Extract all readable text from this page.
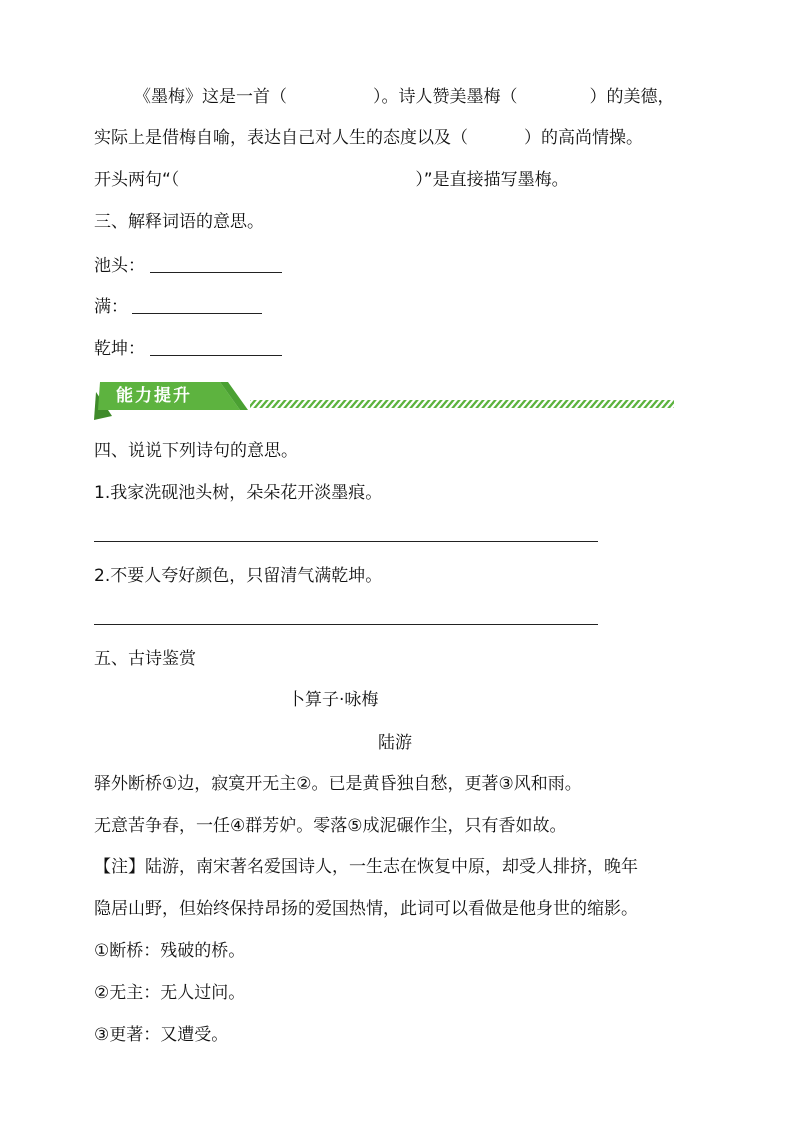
《墨梅》这是一首（	）。诗人赞美墨梅（	）的美德，
实际上是借梅自喻，表达自己对人生的态度以及（	）的高尚情操。
开头两句“（	）”是直接描写墨梅。
三、解释词语的意思。
池头：
满：
乾坤：
能力提升
四、说说下列诗句的意思。
1.我家洗砚池头树，朵朵花开淡墨痕。
2.不要人夸好颜色，只留清气满乾坤。
五、古诗鉴赏
卜算子·咏梅
陆游
驿外断桥①边，寂寞开无主②。已是黄昏独自愁，更著③风和雨。
无意苦争春，一任④群芳妒。零落⑤成泥碾作尘，只有香如故。
【注】陆游，南宋著名爱国诗人，一生志在恢复中原，却受人排挤，晚年
隐居山野，但始终保持昂扬的爱国热情，此词可以看做是他身世的缩影。
①断桥：残破的桥。
②无主：无人过问。
③更著：又遭受。
